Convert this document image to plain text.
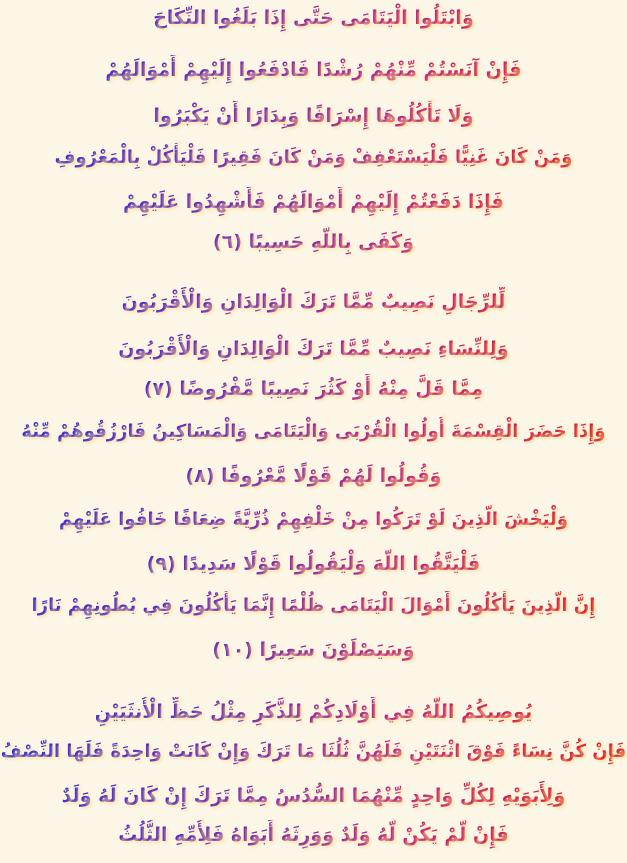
وَابْتَلُوا الْيَتَامَى حَتَّى إِذَا بَلَغُوا النِّكَاحَ
فَإِنْ آنَسْتُمْ مِّنْهُمْ رُشْدًا فَادْفَعُوا إِلَيْهِمْ أَمْوَالَهُمْ
وَلَا تَأْكُلُوهَا إِسْرَافًا وَبِدَارًا أَنْ يَكْبَرُوا
وَمَنْ كَانَ غَنِيًّا فَلْيَسْتَعْفِفْ وَمَنْ كَانَ فَقِيرًا فَلْيَأْكُلْ بِالْمَعْرُوفِ
فَإِذَا دَفَعْتُمْ إِلَيْهِمْ أَمْوَالَهُمْ فَأَشْهِدُوا عَلَيْهِمْ
وَكَفَى بِاللَّهِ حَسِيبًا (٦)
لِّلرِّجَالِ نَصِيبٌ مِّمَّا تَرَكَ الْوَالِدَانِ وَالْأَقْرَبُونَ
وَلِلنِّسَاءِ نَصِيبٌ مِّمَّا تَرَكَ الْوَالِدَانِ وَالْأَقْرَبُونَ
مِمَّا قَلَّ مِنْهُ أَوْ كَثُرَ نَصِيبًا مَّفْرُوضًا (٧)
وَإِذَا حَضَرَ الْقِسْمَةَ أُولُوا الْقُرْبَى وَالْيَتَامَى وَالْمَسَاكِينُ فَارْزُقُوهُمْ مِّنْهُ
وَقُولُوا لَهُمْ قَوْلًا مَّعْرُوفًا (٨)
وَلْيَخْشَ الَّذِينَ لَوْ تَرَكُوا مِنْ خَلْفِهِمْ ذُرِّيَّةً ضِعَافًا خَافُوا عَلَيْهِمْ
فَلْيَتَّقُوا اللَّهَ وَلْيَقُولُوا قَوْلًا سَدِيدًا (٩)
إِنَّ الَّذِينَ يَأْكُلُونَ أَمْوَالَ الْيَتَامَى ظُلْمًا إِنَّمَا يَأْكُلُونَ فِي بُطُونِهِمْ نَارًا
وَسَيَصْلَوْنَ سَعِيرًا (١٠)
يُوصِيكُمُ اللَّهُ فِي أَوْلَادِكُمْ لِلذَّكَرِ مِثْلُ حَظِّ الْأُنثَيَيْنِ
فَإِنْ كُنَّ نِسَاءً فَوْقَ اثْنَتَيْنِ فَلَهُنَّ ثُلُثَا مَا تَرَكَ وَإِنْ كَانَتْ وَاحِدَةً فَلَهَا النِّصْفُ
وَلِأَبَوَيْهِ لِكُلِّ وَاحِدٍ مِّنْهُمَا السُّدُسُ مِمَّا تَرَكَ إِنْ كَانَ لَهُ وَلَدٌ
فَإِنْ لَّمْ يَكُنْ لَّهُ وَلَدٌ وَوَرِثَهُ أَبَوَاهُ فَلِأُمِّهِ الثُّلُثُ
